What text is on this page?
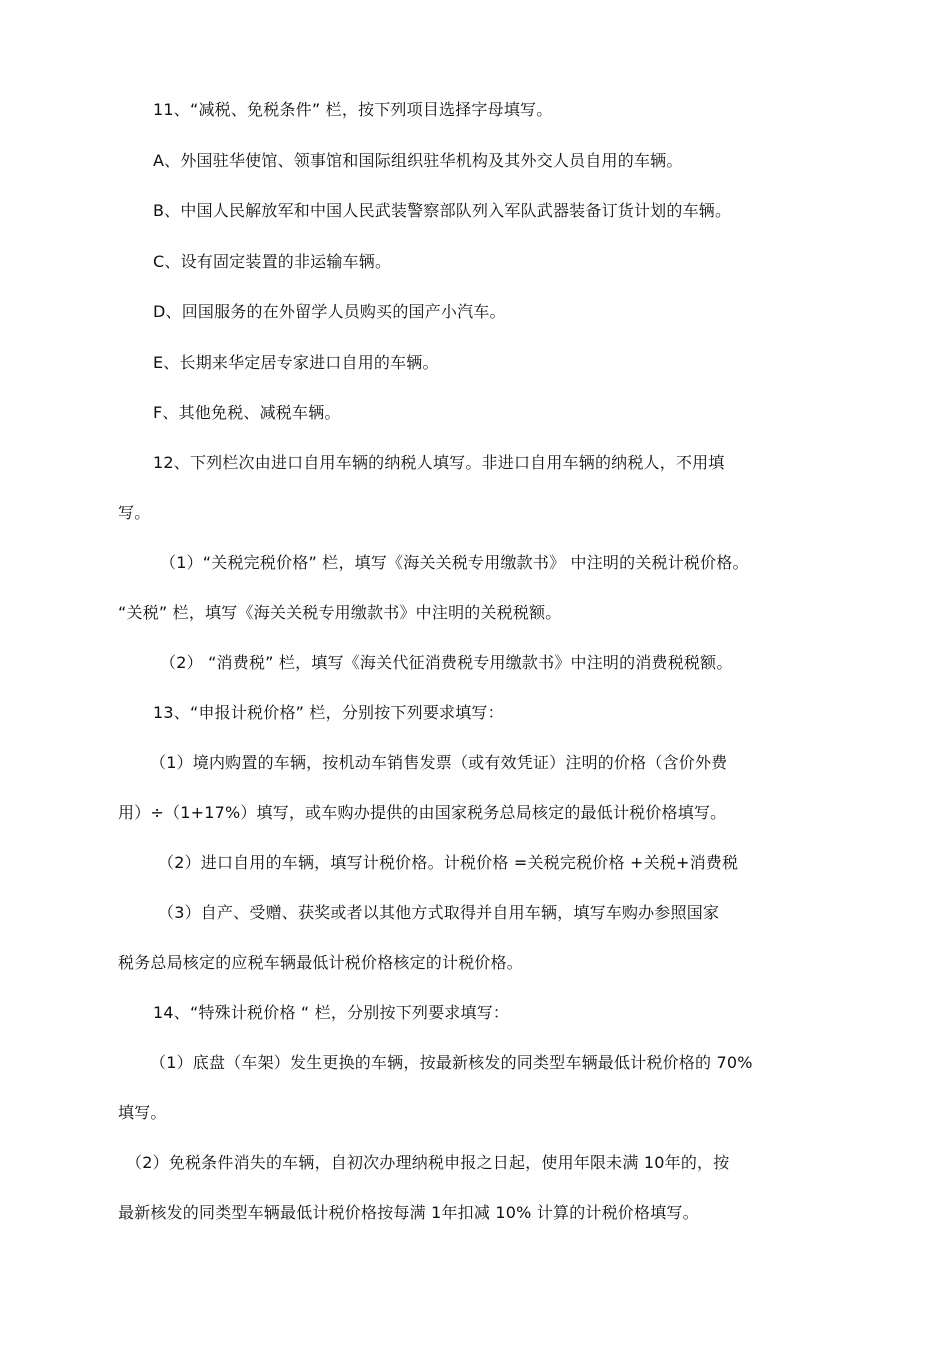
11、“减税、免税条件” 栏，按下列项目选择字母填写。
A、外国驻华使馆、领事馆和国际组织驻华机构及其外交人员自用的车辆。
B、中国人民解放军和中国人民武装警察部队列入军队武器装备订货计划的车辆。
C、设有固定装置的非运输车辆。
D、回国服务的在外留学人员购买的国产小汽车。
E、长期来华定居专家进口自用的车辆。
F、其他免税、减税车辆。
12、下列栏次由进口自用车辆的纳税人填写。非进口自用车辆的纳税人，不用填
写。
（1）“关税完税价格” 栏，填写《海关关税专用缴款书》 中注明的关税计税价格。
“关税” 栏，填写《海关关税专用缴款书》中注明的关税税额。
（2） “消费税” 栏，填写《海关代征消费税专用缴款书》中注明的消费税税额。
13、“申报计税价格” 栏，分别按下列要求填写：
（1）境内购置的车辆，按机动车销售发票（或有效凭证）注明的价格（含价外费
用）÷（1+17%）填写，或车购办提供的由国家税务总局核定的最低计税价格填写。
（2）进口自用的车辆，填写计税价格。计税价格 =关税完税价格 +关税+消费税
（3）自产、受赠、获奖或者以其他方式取得并自用车辆，填写车购办参照国家
税务总局核定的应税车辆最低计税价格核定的计税价格。
14、“特殊计税价格 “ 栏，分别按下列要求填写：
（1）底盘（车架）发生更换的车辆，按最新核发的同类型车辆最低计税价格的 70%
填写。
（2）免税条件消失的车辆，自初次办理纳税申报之日起，使用年限未满 10年的，按
最新核发的同类型车辆最低计税价格按每满 1年扣减 10% 计算的计税价格填写。
